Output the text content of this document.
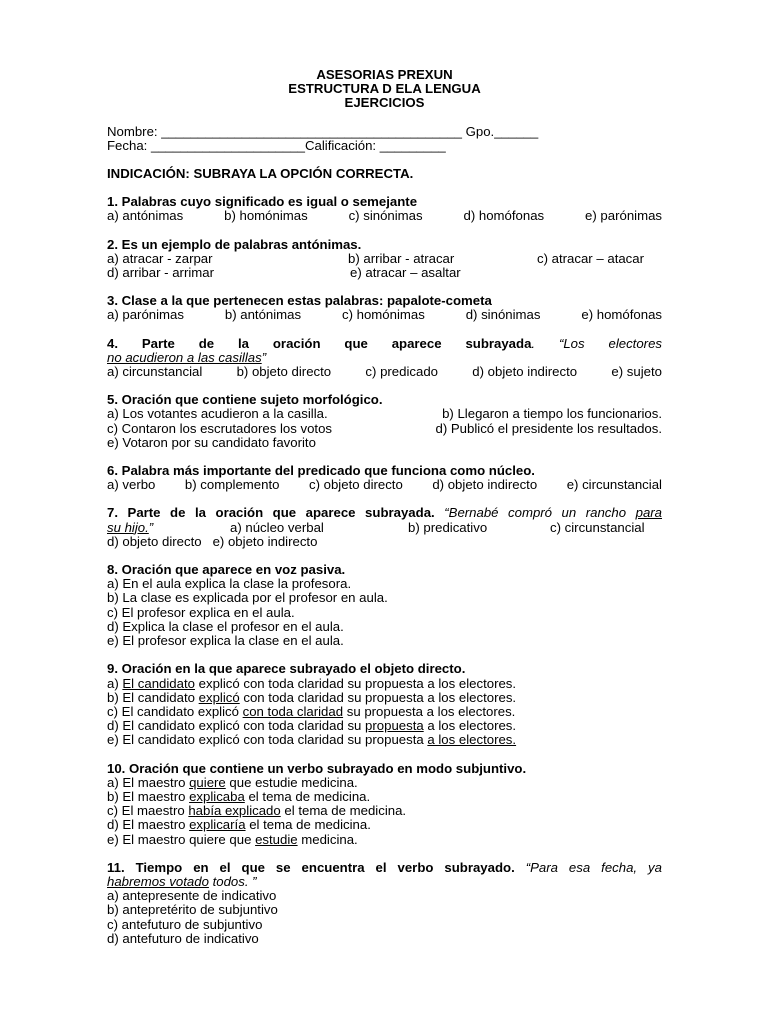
ASESORIAS PREXUN
ESTRUCTURA D ELA LENGUA
EJERCICIOS
Nombre: _________________________________________ Gpo.______
Fecha: _____________________Calificación: _________
INDICACIÓN: SUBRAYA LA OPCIÓN CORRECTA.
1. Palabras cuyo significado es igual o semejante
a) antónimas	b) homónimas	c) sinónimas	d) homófonas	e) parónimas
2. Es un ejemplo de palabras antónimas.
a) atracar - zarpar	b) arribar - atracar	c) atracar – atacar
d) arribar - arrimar	e) atracar – asaltar
3. Clase a la que pertenecen estas palabras: papalote-cometa
a) parónimas	b) antónimas	c) homónimas	d) sinónimas	e) homófonas
4. Parte de la oración que aparece subrayada. “Los electores
no acudieron a las casillas”
a) circunstancial	b) objeto directo	c) predicado	d) objeto indirecto	e) sujeto
5. Oración que contiene sujeto morfológico.
a) Los votantes acudieron a la casilla.	b) Llegaron a tiempo los funcionarios.
c) Contaron los escrutadores los votos	d) Publicó el presidente los resultados.
e) Votaron por su candidato favorito
6. Palabra más importante del predicado que funciona como núcleo.
a) verbo b) complemento c) objeto directo d) objeto indirecto e) circunstancial
7. Parte de la oración que aparece subrayada. “Bernabé compró un rancho para
su hijo.”	a) núcleo verbal	b) predicativo	c) circunstancial
d) objeto directo e) objeto indirecto
8. Oración que aparece en voz pasiva.
a) En el aula explica la clase la profesora.
b) La clase es explicada por el profesor en aula.
c) El profesor explica en el aula.
d) Explica la clase el profesor en el aula.
e) El profesor explica la clase en el aula.
9. Oración en la que aparece subrayado el objeto directo.
a) El candidato explicó con toda claridad su propuesta a los electores.
b) El candidato explicó con toda claridad su propuesta a los electores.
c) El candidato explicó con toda claridad su propuesta a los electores.
d) El candidato explicó con toda claridad su propuesta a los electores.
e) El candidato explicó con toda claridad su propuesta a los electores.
10. Oración que contiene un verbo subrayado en modo subjuntivo.
a) El maestro quiere que estudie medicina.
b) El maestro explicaba el tema de medicina.
c) El maestro había explicado el tema de medicina.
d) El maestro explicaría el tema de medicina.
e) El maestro quiere que estudie medicina.
11. Tiempo en el que se encuentra el verbo subrayado. “Para esa fecha, ya
habremos votado todos. ”
a) antepresente de indicativo
b) antepretérito de subjuntivo
c) antefuturo de subjuntivo
d) antefuturo de indicativo
